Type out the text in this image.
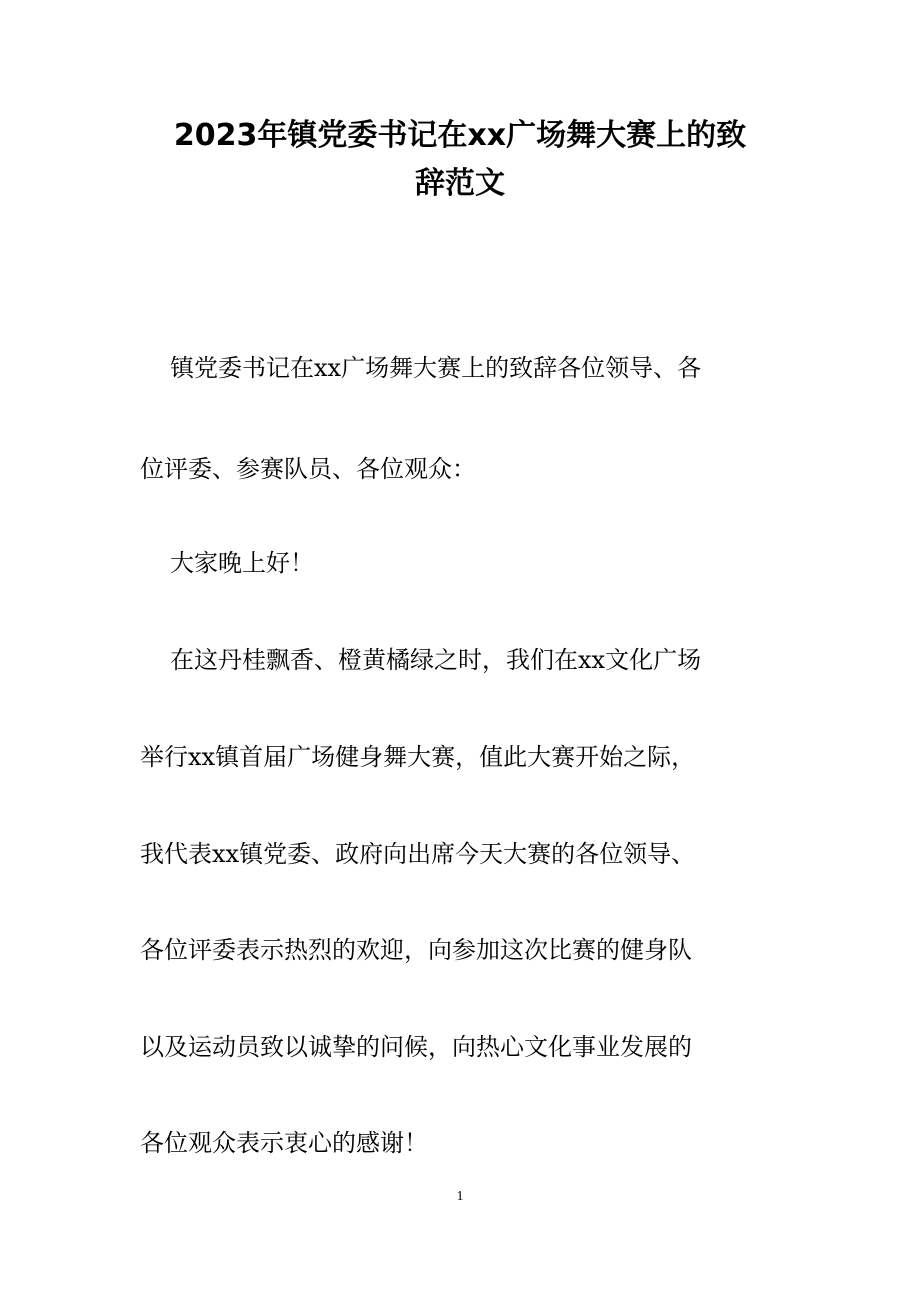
2023年镇党委书记在xx广场舞大赛上的致
辞范文

镇党委书记在xx广场舞大赛上的致辞各位领导、各

位评委、参赛队员、各位观众：

大家晚上好！

在这丹桂飘香、橙黄橘绿之时，我们在xx文化广场

举行xx镇首届广场健身舞大赛，值此大赛开始之际，

我代表xx镇党委、政府向出席今天大赛的各位领导、

各位评委表示热烈的欢迎，向参加这次比赛的健身队

以及运动员致以诚挚的问候，向热心文化事业发展的

各位观众表示衷心的感谢！

1
